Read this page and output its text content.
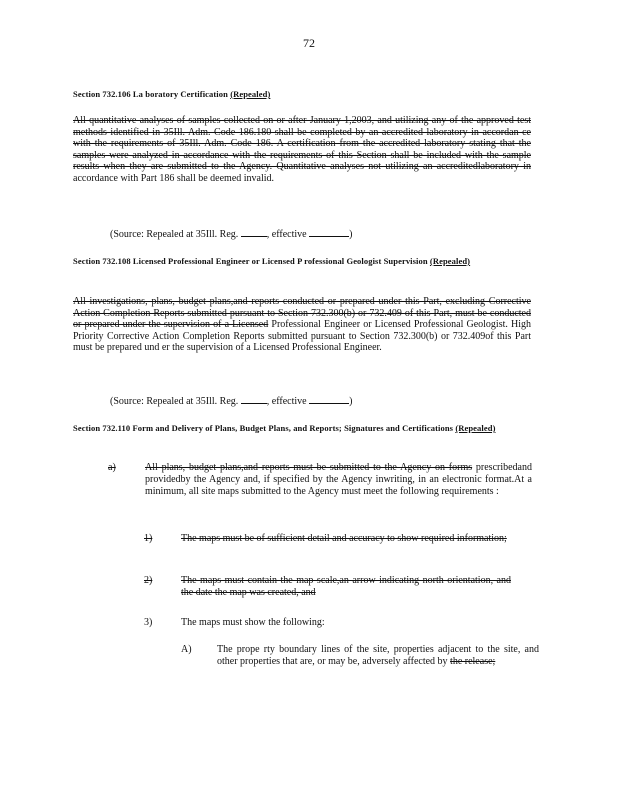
72
Section 732.106 La boratory Certification (Repealed)

All quantitative analyses of samples collected on or after January 1,2003, and utilizing any of the approved test methods identified in 35Ill. Adm. Code 186.180 shall be completed by an accredited laboratory in accordan ce with the requirements of 35Ill. Adm. Code 186. A certification from the accredited laboratory stating that the samples were analyzed in accordance with the requirements of this Section shall be included with the sample results when they are submitted to the Agency. Quantitative analyses not utilizing an accreditedlaboratory in accordance with Part 186 shall be deemed invalid.

(Source: Repealed at 35Ill. Reg.	, effective	)
Section 732.108 Licensed Professional Engineer or Licensed P rofessional Geologist Supervision (Repealed)

All investigations, plans, budget plans,and reports conducted or prepared under this Part, excluding Corrective Action Completion Reports submitted pursuant to Section 732.300(b) or 732.409 of this Part, must be conducted or prepared under the supervision of a Licensed Professional Engineer or Licensed Professional Geologist. High Priority Corrective Action Completion Reports submitted pursuant to Section 732.300(b) or 732.409of this Part must be prepared und er the supervision of a Licensed Professional Engineer.

(Source: Repealed at 35Ill. Reg.	, effective	)
Section 732.110 Form and Delivery of Plans, Budget Plans, and Reports; Signatures and Certifications (Repealed)
a)	All plans, budget plans,and reports must be submitted to the Agency on forms prescribedand providedby the Agency and, if specified by the Agency inwriting, in an electronic format.At a minimum, all site maps submitted to the Agency must meet the following requirements :
1)	The maps must be of sufficient detail and accuracy to show required information;
2)	The maps must contain the map scale,an arrow indicating north orientation, and the date the map was created, and
3)	The maps must show the following:
A)	The prope rty boundary lines of the site, properties adjacent to the site, and other properties that are, or may be, adversely affected by the release;
